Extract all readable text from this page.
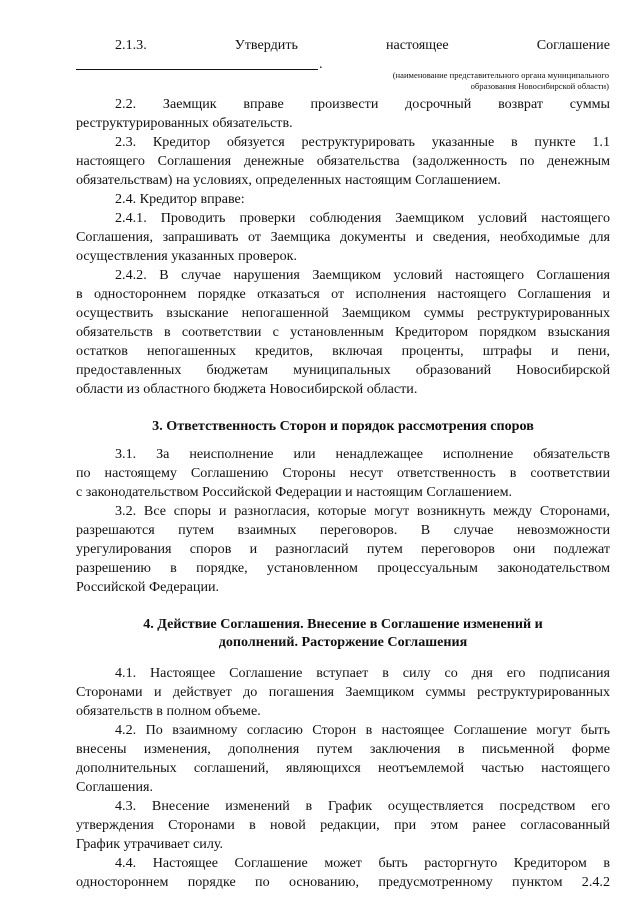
2.1.3. Утвердить	настоящее	Соглашение
.
(наименование представительного органа муниципального
образования Новосибирской области)
2.2. Заемщик вправе произвести досрочный возврат суммы
реструктурированных обязательств.
2.3. Кредитор обязуется реструктурировать указанные в пункте 1.1
настоящего Соглашения денежные обязательства (задолженность по денежным
обязательствам) на условиях, определенных настоящим Соглашением.
2.4. Кредитор вправе:
2.4.1. Проводить проверки соблюдения Заемщиком условий настоящего
Соглашения, запрашивать от Заемщика документы и сведения, необходимые для
осуществления указанных проверок.
2.4.2. В случае нарушения Заемщиком условий настоящего Соглашения
в одностороннем порядке отказаться от исполнения настоящего Соглашения и
осуществить взыскание непогашенной Заемщиком суммы реструктурированных
обязательств в соответствии с установленным Кредитором порядком взыскания
остатков непогашенных кредитов, включая проценты, штрафы и пени,
предоставленных бюджетам муниципальных образований Новосибирской
области из областного бюджета Новосибирской области.
3. Ответственность Сторон и порядок рассмотрения споров
3.1. За неисполнение или ненадлежащее исполнение обязательств
по настоящему Соглашению Стороны несут ответственность в соответствии
с законодательством Российской Федерации и настоящим Соглашением.
3.2. Все споры и разногласия, которые могут возникнуть между Сторонами,
разрешаются путем взаимных переговоров. В случае невозможности
урегулирования споров и разногласий путем переговоров они подлежат
разрешению в порядке, установленном процессуальным законодательством
Российской Федерации.
4. Действие Соглашения. Внесение в Соглашение изменений и
дополнений. Расторжение Соглашения
4.1. Настоящее Соглашение вступает в силу со дня его подписания
Сторонами и действует до погашения Заемщиком суммы реструктурированных
обязательств в полном объеме.
4.2. По взаимному согласию Сторон в настоящее Соглашение могут быть
внесены изменения, дополнения путем заключения в письменной форме
дополнительных соглашений, являющихся неотъемлемой частью настоящего
Соглашения.
4.3. Внесение изменений в График осуществляется посредством его
утверждения Сторонами в новой редакции, при этом ранее согласованный
График утрачивает силу.
4.4. Настоящее Соглашение может быть расторгнуто Кредитором в
одностороннем порядке по основанию, предусмотренному пунктом 2.4.2
